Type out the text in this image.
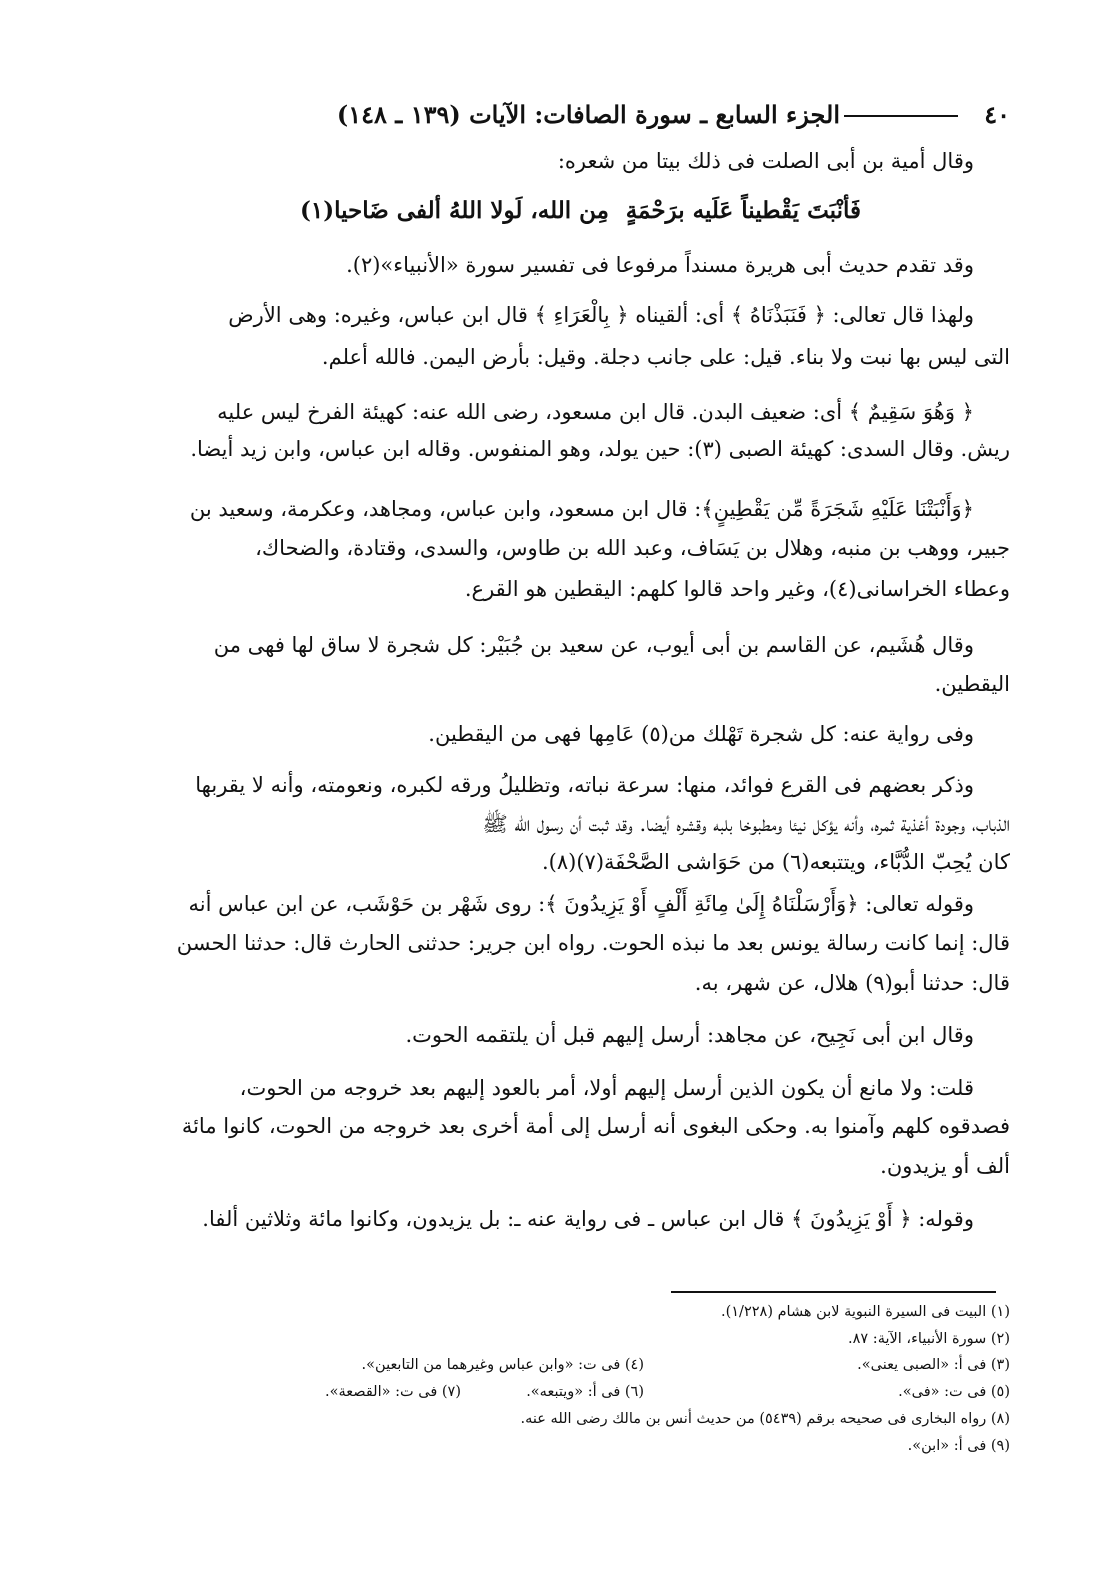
٤٠
الجزء السابع ـ سورة الصافات: الآيات (١٣٩ ـ ١٤٨)
وقال أمية بن أبى الصلت فى ذلك بيتا من شعره:
فَأنْبَتَ يَقْطيناً عَلَيه برَحْمَةٍ
مِن الله، لَولا اللهُ ألفى ضَاحيا(١)
وقد تقدم حديث أبى هريرة مسنداً مرفوعا فى تفسير سورة «الأنبياء»(٢).
ولهذا قال تعالى: ﴿ فَنَبَذْنَاهُ ﴾ أى: ألقيناه ﴿ بِالْعَرَاءِ ﴾ قال ابن عباس، وغيره: وهى الأرض
التى ليس بها نبت ولا بناء. قيل: على جانب دجلة. وقيل: بأرض اليمن. فالله أعلم.
﴿ وَهُوَ سَقِيمٌ ﴾ أى: ضعيف البدن. قال ابن مسعود، رضى الله عنه: كهيئة الفرخ ليس عليه
ريش. وقال السدى: كهيئة الصبى (٣): حين يولد، وهو المنفوس. وقاله ابن عباس، وابن زيد أيضا.
﴿وَأَنْبَتْنَا عَلَيْهِ شَجَرَةً مِّن يَقْطِينٍ﴾: قال ابن مسعود، وابن عباس، ومجاهد، وعكرمة، وسعيد بن
جبير، ووهب بن منبه، وهلال بن يَسَاف، وعبد الله بن طاوس، والسدى، وقتادة، والضحاك،
وعطاء الخراسانى(٤)، وغير واحد قالوا كلهم: اليقطين هو القرع.
وقال هُشَيم، عن القاسم بن أبى أيوب، عن سعيد بن جُبَيْر: كل شجرة لا ساق لها فهى من
اليقطين.
وفى رواية عنه: كل شجرة تَهْلك من(٥) عَامِها فهى من اليقطين.
وذكر بعضهم فى القرع فوائد، منها: سرعة نباته، وتظليلُ ورقه لكبره، ونعومته، وأنه لا يقربها
الذباب، وجودة أغذية ثمره، وأنه يؤكل نيئا ومطبوخا بلبه وقشره أيضا. وقد ثبت أن رسول الله ﷺ
كان يُحِبّ الدُّبَّاء، ويتتبعه(٦) من حَوَاشى الصَّحْفَة(٧)(٨).
وقوله تعالى: ﴿وَأَرْسَلْنَاهُ إِلَىٰ مِائَةِ أَلْفٍ أَوْ يَزِيدُونَ ﴾: روى شَهْر بن حَوْشَب، عن ابن عباس أنه
قال: إنما كانت رسالة يونس بعد ما نبذه الحوت. رواه ابن جرير: حدثنى الحارث قال: حدثنا الحسن
قال: حدثنا أبو(٩) هلال، عن شهر، به.
وقال ابن أبى نَجِيح، عن مجاهد: أرسل إليهم قبل أن يلتقمه الحوت.
قلت: ولا مانع أن يكون الذين أرسل إليهم أولا، أمر بالعود إليهم بعد خروجه من الحوت،
فصدقوه كلهم وآمنوا به. وحكى البغوى أنه أرسل إلى أمة أخرى بعد خروجه من الحوت، كانوا مائة
ألف أو يزيدون.
وقوله: ﴿ أَوْ يَزِيدُونَ ﴾ قال ابن عباس ـ فى رواية عنه ـ: بل يزيدون، وكانوا مائة وثلاثين ألفا.
(١) البيت فى السيرة النبوية لابن هشام (١/٢٢٨).
(٢) سورة الأنبياء، الآية: ٨٧.
(٣) فى أ: «الصبى يعنى».
(٤) فى ت: «وابن عباس وغيرهما من التابعين».
(٥) فى ت: «فى».
(٦) فى أ: «ويتبعه».
(٧) فى ت: «القصعة».
(٨) رواه البخارى فى صحيحه برقم (٥٤٣٩) من حديث أنس بن مالك رضى الله عنه.
(٩) فى أ: «ابن».
